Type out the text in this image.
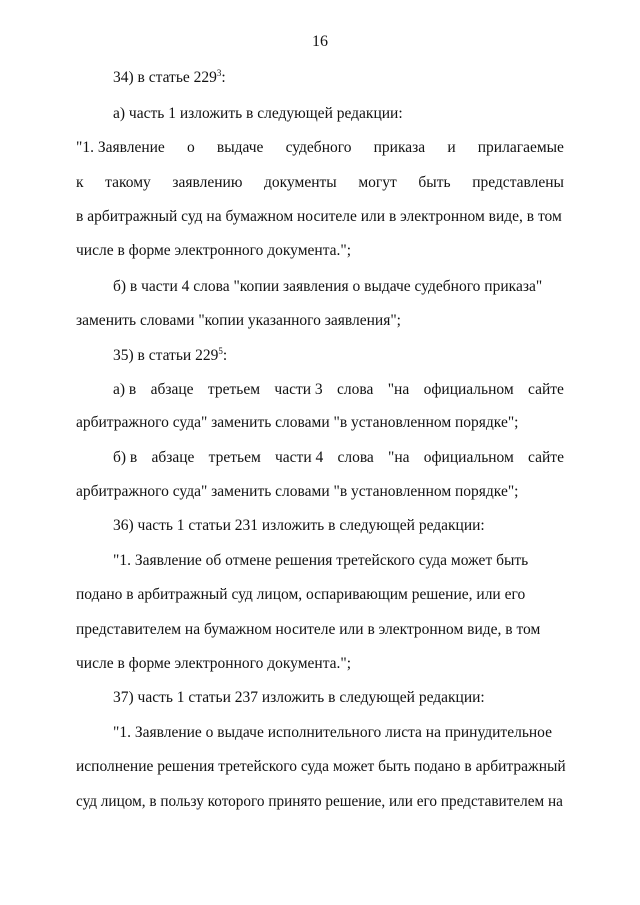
16
34) в статье $229^3$:
а) часть 1 изложить в следующей редакции:
"1. Заявление о выдаче судебного приказа и прилагаемые
к такому заявлению документы могут быть представлены
в арбитражный суд на бумажном носителе или в электронном виде, в том
числе в форме электронного документа.";
б) в части 4 слова "копии заявления о выдаче судебного приказа"
заменить словами "копии указанного заявления";
35) в статьи $229^5$:
а) в абзаце третьем части 3 слова "на официальном сайте
арбитражного суда" заменить словами "в установленном порядке";
б) в абзаце третьем части 4 слова "на официальном сайте
арбитражного суда" заменить словами "в установленном порядке";
36) часть 1 статьи 231 изложить в следующей редакции:
"1. Заявление об отмене решения третейского суда может быть
подано в арбитражный суд лицом, оспаривающим решение, или его
представителем на бумажном носителе или в электронном виде, в том
числе в форме электронного документа.";
37) часть 1 статьи 237 изложить в следующей редакции:
"1. Заявление о выдаче исполнительного листа на принудительное
исполнение решения третейского суда может быть подано в арбитражный
суд лицом, в пользу которого принято решение, или его представителем на
